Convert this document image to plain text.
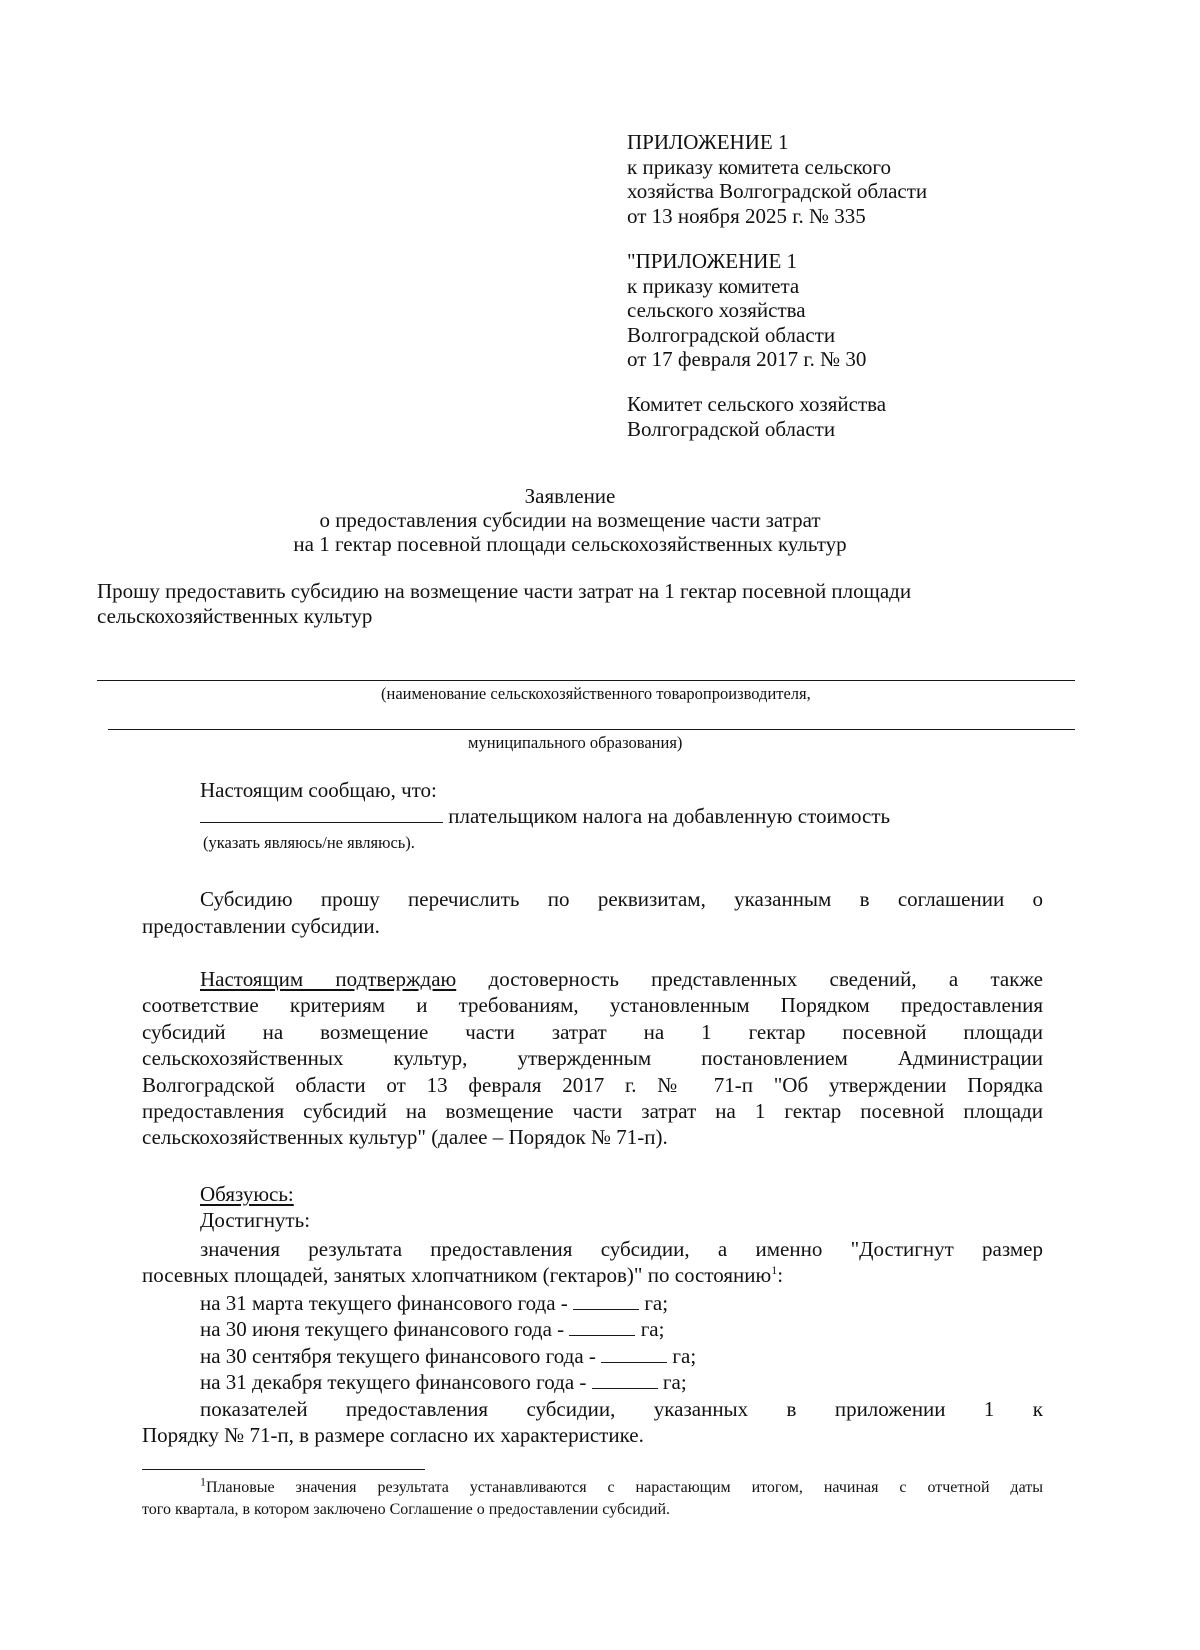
ПРИЛОЖЕНИЕ 1
к приказу комитета сельского
хозяйства Волгоградской области
от 13 ноября 2025 г. № 335
"ПРИЛОЖЕНИЕ 1
к приказу комитета
сельского хозяйства
Волгоградской области
от 17 февраля 2017 г. № 30
Комитет сельского хозяйства
Волгоградской области
Заявление
о предоставления субсидии на возмещение части затрат
на 1 гектар посевной площади сельскохозяйственных культур
Прошу предоставить субсидию на возмещение части затрат на 1 гектар посевной площади
сельскохозяйственных культур
(наименование сельскохозяйственного товаропроизводителя,
муниципального образования)
Настоящим сообщаю, что:
плательщиком налога на добавленную стоимость
(указать являюсь/не являюсь).
Субсидию прошу перечислить по реквизитам, указанным в соглашении о
предоставлении субсидии.
Настоящим подтверждаю достоверность представленных сведений, а также
соответствие критериям и требованиям, установленным Порядком предоставления
субсидий на возмещение части затрат на 1 гектар посевной площади
сельскохозяйственных культур, утвержденным постановлением Администрации
Волгоградской области от 13 февраля 2017 г. № 71-п "Об утверждении Порядка
предоставления субсидий на возмещение части затрат на 1 гектар посевной площади
сельскохозяйственных культур" (далее – Порядок № 71-п).
Обязуюсь:
Достигнуть:
значения результата предоставления субсидии, а именно "Достигнут размер
посевных площадей, занятых хлопчатником (гектаров)" по состоянию$^1$:
на 31 марта текущего финансового года -	га;
на 30 июня текущего финансового года -	га;
на 30 сентября текущего финансового года -	га;
на 31 декабря текущего финансового года -	га;
показателей предоставления субсидии, указанных в приложении 1 к
Порядку № 71-п, в размере согласно их характеристике.
$^1$Плановые значения результата устанавливаются с нарастающим итогом, начиная с отчетной даты
того квартала, в котором заключено Соглашение о предоставлении субсидий.
